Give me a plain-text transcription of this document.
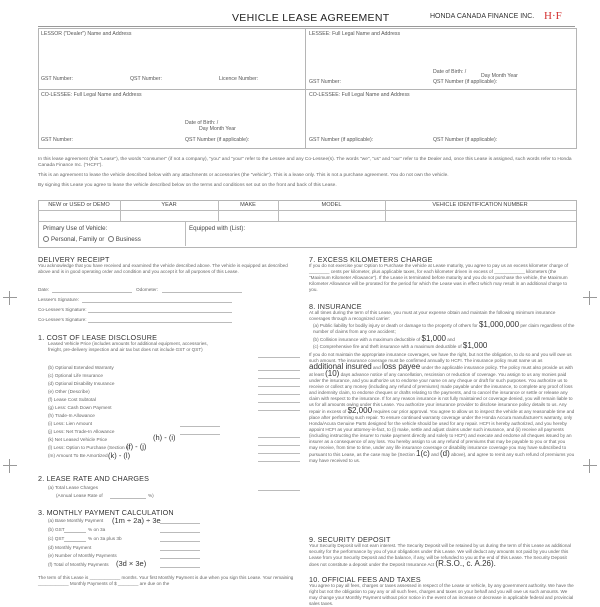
VEHICLE LEASE AGREEMENT	HONDA CANADA FINANCE INC. H·F
LESSOR ("Dealer") Name and Address
GST Number:	QST Number:	Licence Number:
LESSEE: Full Legal Name and Address
Date of Birth: /
Day Month Year
GST Number:	QST Number (if applicable):
CO-LESSEE: Full Legal Name and Address
Date of Birth: /
Day Month Year
GST Number:	QST Number (if applicable):
CO-LESSEE: Full Legal Name and Address
GST Number (if applicable):	QST Number (if applicable):
In this lease agreement (this "Lease"), the words "consumer" (if not a company), "you" and "your" refer to the Lessee and any Co-Lessee(s). The words "we", "us" and "our" refer to the Dealer and, once this Lease is assigned, such words refer to Honda Canada Finance Inc. ("HCFI").
This is an agreement to lease the vehicle described below with any attachments or accessories (the "vehicle"). This is a lease only. This is not a purchase agreement. You do not own the vehicle.
By signing this Lease you agree to lease the vehicle described below on the terms and conditions set out on the front and back of this Lease.
NEW or USED or DEMO	YEAR	MAKE	MODEL	VEHICLE IDENTIFICATION NUMBER
Primary Use of Vehicle:
Personal, Family or Business
Equipped with (List):
DELIVERY RECEIPT
You acknowledge that you have received and examined the vehicle described above. The vehicle is equipped as described above and is in good operating order and condition and you accept it for all purposes of this Lease.
Date:	Odometer:
Lessee's Signature:
Co-Lessee's Signature:
Co-Lessee's Signature:
1. COST OF LEASE DISCLOSURE
Leased Vehicle Price (includes amounts for additional equipment, accessories, freight, pre-delivery inspection and air tax but does not include GST or QST)
(b) Optional Extended Warranty
(c) Optional Life Insurance
(d) Optional Disability Insurance
(e) Other (Describe)
(f) Lease Cost Subtotal
(g) Less: Cash Down Payment
(h) Trade-In Allowance
(i) Less: Lien Amount
(j) Less: Net Trade-In Allowance
(k) Net Leased Vehicle Price
(l) Less: Option to Purchase (Section 6)
(m) Amount To Be Amortized
(h) - (i)
(f) - (j)
(k) - (l)
2. LEASE RATE AND CHARGES
(a) Total Lease Charges
(Annual Lease Rate of	%)
3. MONTHLY PAYMENT CALCULATION
(a) Base Monthly Payment (1m ÷ 2a) ÷ 3e
(b) GST	% on 3a
(c) QST	% on 3a plus 3b
(d) Monthly Payment
(e) Number of Monthly Payments
(f) Total of Monthly Payments (3d × 3e)
The term of this Lease is ____________ months. Your first Monthly Payment is due when you sign this Lease. Your remaining ____________ Monthly Payments of $ ________ are due on the
7. EXCESS KILOMETERS CHARGE
If you do not exercise your Option to Purchase the vehicle at Lease maturity, you agree to pay us an excess kilometer charge of ________ cents per kilometer, plus applicable taxes, for each kilometer driven in excess of ____________ kilometers (the "Maximum Kilometer Allowance"). If the Lease is terminated before maturity and you do not purchase the vehicle, the Maximum Kilometer Allowance will be prorated for the period for which the Lease was in effect which may result in an additional charge to you.
8. INSURANCE
At all times during the term of this Lease, you must at your expense obtain and maintain the following minimum insurance coverages through a recognized carrier:
(a) Public liability for bodily injury or death or damage to the property of others for $1,000,000 per claim regardless of the number of claims from any one accident;
(b) Collision insurance with a maximum deductible of $1,000 and
(c) Comprehensive fire and theft insurance with a maximum deductible of $1,000
If you do not maintain the appropriate insurance coverages, we have the right, but not the obligation, to do so and you will owe us such amount. The insurance coverage must be confirmed annually to HCFI. The insurance policy must name us as additional insured and loss payee under the applicable insurance policy. The policy must also provide us with at least (10) days advance notice of any cancellation, rescission or reduction of coverage. You assign to us any monies paid under the insurance, and you authorize us to endorse your name on any cheque or draft for such purposes. You authorize us to receive or collect any money (including any refund of premiums) made payable under the insurance, to complete any proof of loss and indemnity claim, to endorse cheques or drafts relating to the payments, and to cancel the insurance or settle or release any claim with respect to the insurance. If for any reason insurance is not fully maintained or coverage denied, you will remain liable to us for all amounts owing under this Lease. You authorize your insurance provider to disclose insurance policy details to us. Any repair in excess of $2,000 requires our prior approval. You agree to allow us to inspect the vehicle at any reasonable time and place after performing such repair. To ensure continued warranty coverage under the Honda Accura manufacturer's warranty, only Honda/Acura Genuine Parts designed for the vehicle should be used for any repair. HCFI is hereby authorized, and you hereby appoint HCFI as your attorney-in-fact, to (i) make, settle and adjust claims under such insurance, and (ii) receive all payments (including instructing the insurer to make payment directly and solely to HCFI) and execute and endorse all cheques issued by an insurer as a consequence of any loss. You hereby assign to us any refund of premiums that may be payable to you or that you may receive, from time to time, under any life insurance coverage or disability insurance coverage you may have subscribed to pursuant to this Lease, as the case may be (Section 1(c) and (d) above), and agree to remit any such refund of premiums you may have received to us.
9. SECURITY DEPOSIT
Your Security Deposit will not earn interest. The Security Deposit will be retained by us during the term of this Lease as additional security for the performance by you of your obligations under this Lease. We will deduct any amounts not paid by you under this Lease from your Security Deposit and the balance, if any, will be refunded to you at the end of this Lease. The Security Deposit does not constitute a deposit under the Deposit Insurance Act (R.S.O., c. A.26).
10. OFFICIAL FEES AND TAXES
You agree to pay all fees, charges or taxes assessed in respect of the Lease or vehicle, by any government authority. We have the right but not the obligation to pay any or all such fees, charges and taxes on your behalf and you will owe us such amounts. We may change your Monthly Payment without prior notice in the event of an increase or decrease in applicable federal and provincial sales taxes.
